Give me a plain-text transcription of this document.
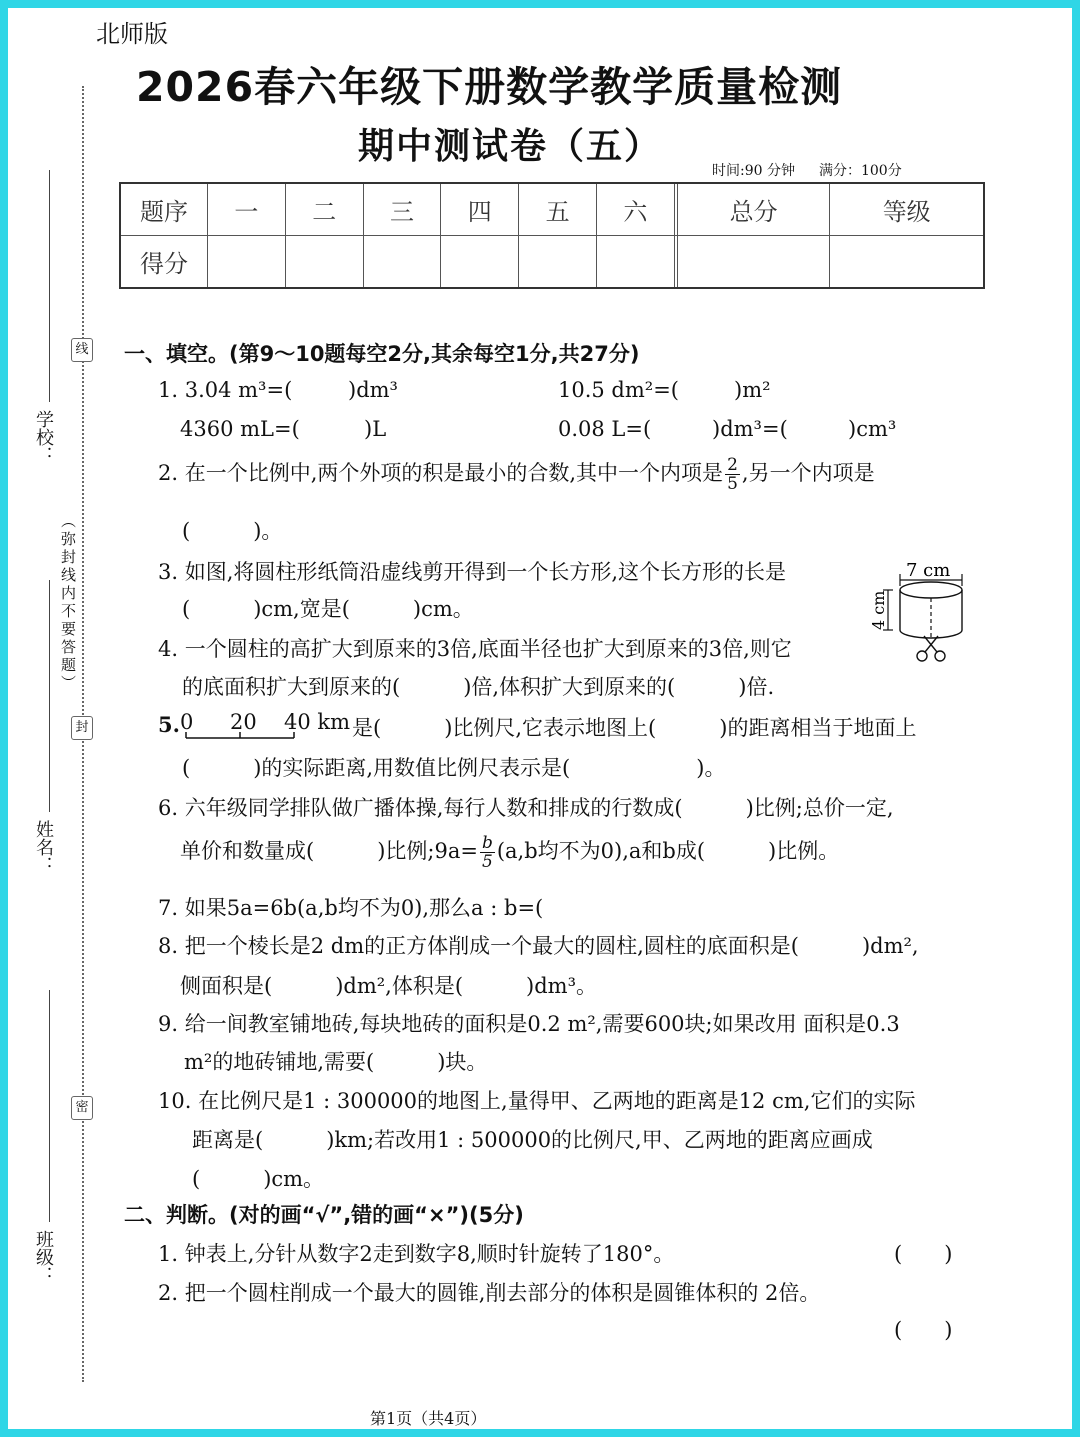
学校：
姓名：
班级：
线
封
密
（弥封线内不要答题）
北师版
2026春六年级下册数学教学质量检测
期中测试卷（五）
时间:90 分钟 满分：100分
题序	一	二	三	四	五	六		总分	等级
得分									
一、填空。(第9～10题每空2分,其余每空1分,共27分)
1. 3.04 m³=(	)dm³	10.5 dm²=(	)m²
4360 mL=(	)L	0.08 L=(	)dm³=(	)cm³
2. 在一个比例中,两个外项的积是最小的合数,其中一个内项是 $\frac{2}{5}$ ,另一个内项是
(　　　)。
3. 如图,将圆柱形纸筒沿虚线剪开得到一个长方形,这个长方形的长是
(　　　)cm,宽是(　　　)cm。
7 cm
4 cm
4. 一个圆柱的高扩大到原来的3倍,底面半径也扩大到原来的3倍,则它
的底面积扩大到原来的(　　　)倍,体积扩大到原来的(　　　)倍.
5. 0 20 40 km 是(　　　)比例尺,它表示地图上(　　　)的距离相当于地面上
(　　　)的实际距离,用数值比例尺表示是(　　　　　　)。
6. 六年级同学排队做广播体操,每行人数和排成的行数成(　　　)比例;总价一定,
单价和数量成(　　　)比例;9a= $\frac{b}{5} (a,b$均不为0),a和b成(　　　)比例。
7. 如果5a=6b(a,b均不为0),那么a : b=(
8. 把一个棱长是2 dm的正方体削成一个最大的圆柱,圆柱的底面积是(　　　)dm²,
侧面积是(　　　)dm²,体积是(　　　)dm³。
9. 给一间教室铺地砖,每块地砖的面积是0.2 m²,需要600块;如果改用 面积是0.3
m²的地砖铺地,需要(　　　)块。
10. 在比例尺是1 : 300000的地图上,量得甲、乙两地的距离是12 cm,它们的实际
距离是(　　　)km;若改用1 : 500000的比例尺,甲、乙两地的距离应画成
(　　　)cm。
二、判断。(对的画“√”,错的画“×”)(5分)
1. 钟表上,分针从数字2走到数字8,顺时针旋转了180°。	(　　)
2. 把一个圆柱削成一个最大的圆锥,削去部分的体积是圆锥体积的 2倍。
(　　)
第1页（共4页）
